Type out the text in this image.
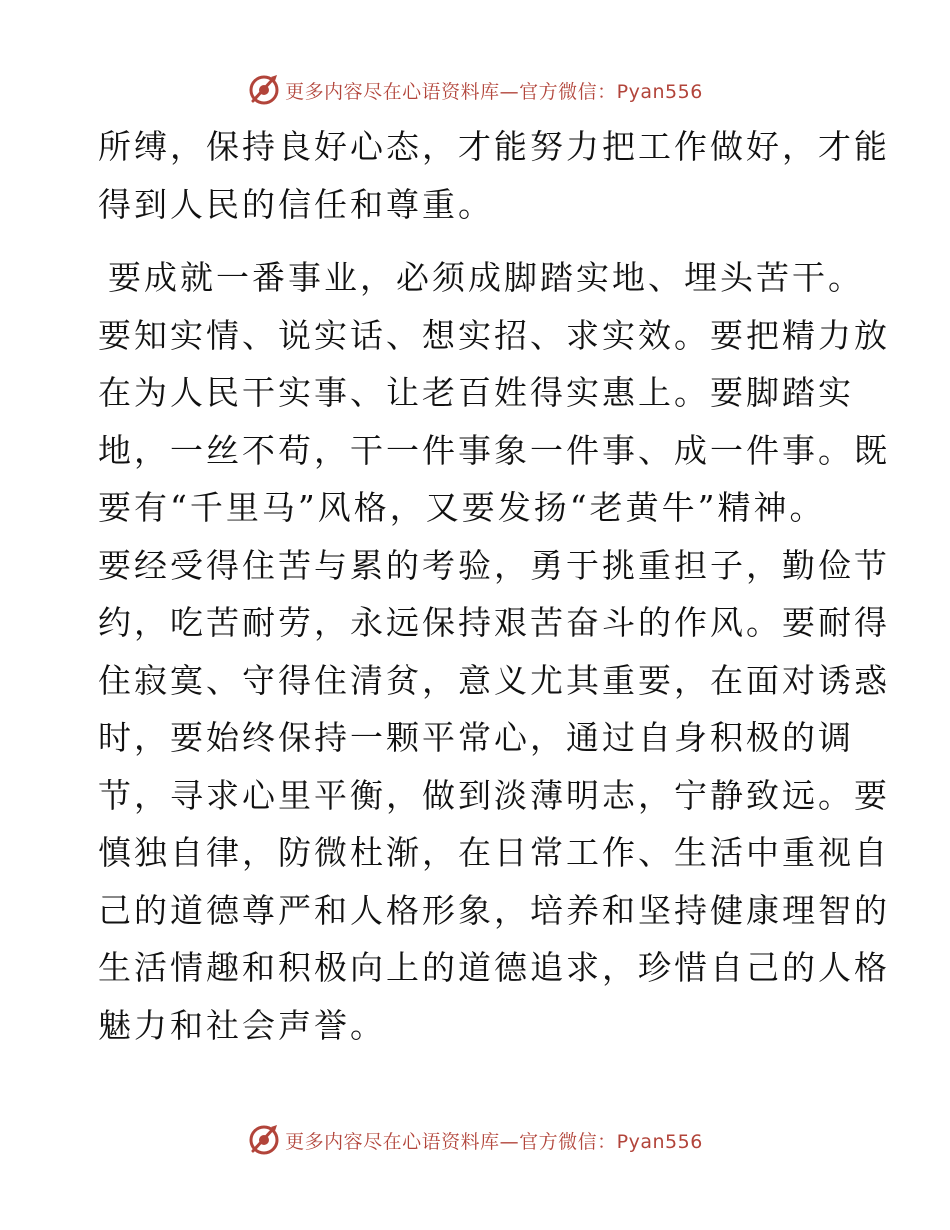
更多内容尽在心语资料库—官方微信：Pyan556

所缚，保持良好心态，才能努力把工作做好，才能
得到人民的信任和尊重。

要成就一番事业，必须成脚踏实地、埋头苦干。
要知实情、说实话、想实招、求实效。要把精力放
在为人民干实事、让老百姓得实惠上。要脚踏实
地，一丝不苟，干一件事象一件事、成一件事。既
要有“千里马”风格，又要发扬“老黄牛”精神。
要经受得住苦与累的考验，勇于挑重担子，勤俭节
约，吃苦耐劳，永远保持艰苦奋斗的作风。要耐得
住寂寞、守得住清贫，意义尤其重要，在面对诱惑
时，要始终保持一颗平常心，通过自身积极的调
节，寻求心里平衡，做到淡薄明志，宁静致远。要
慎独自律，防微杜渐，在日常工作、生活中重视自
己的道德尊严和人格形象，培养和坚持健康理智的
生活情趣和积极向上的道德追求，珍惜自己的人格
魅力和社会声誉。

更多内容尽在心语资料库—官方微信：Pyan556
